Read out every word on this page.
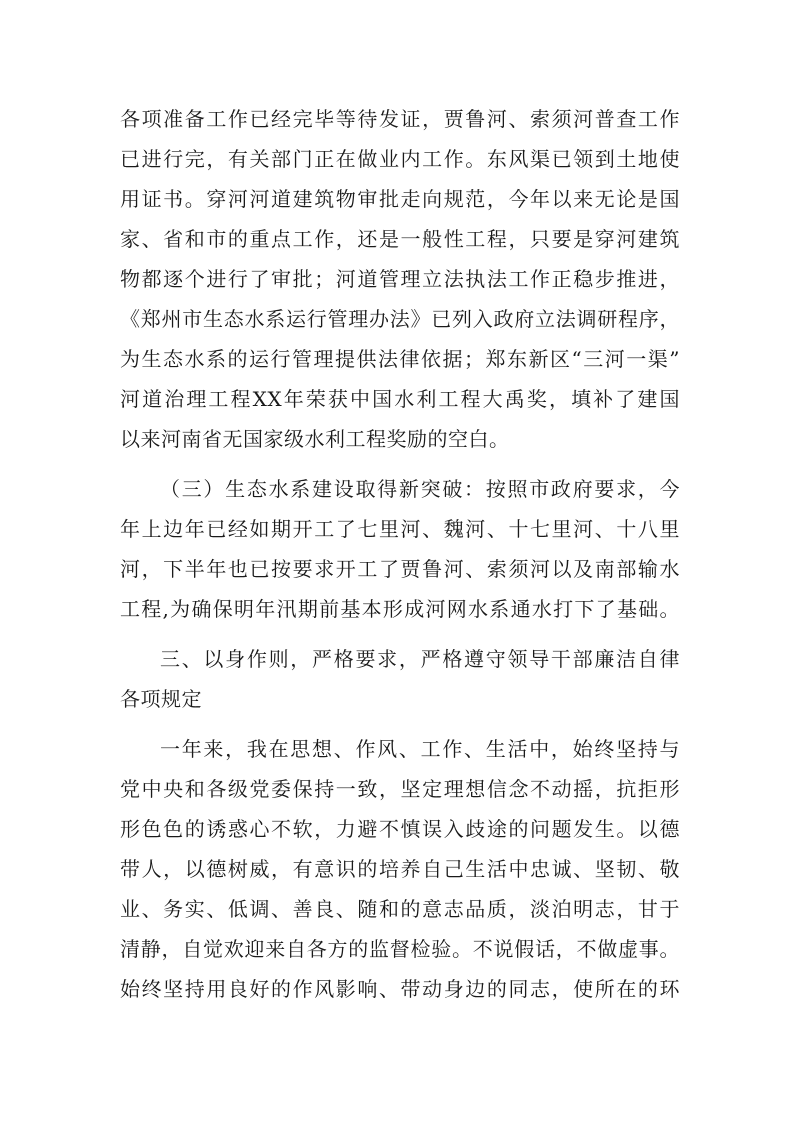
各项准备工作已经完毕等待发证，贾鲁河、索须河普查工作
已进行完，有关部门正在做业内工作。东风渠已领到土地使
用证书。穿河河道建筑物审批走向规范，今年以来无论是国
家、省和市的重点工作，还是一般性工程，只要是穿河建筑
物都逐个进行了审批；河道管理立法执法工作正稳步推进，
《郑州市生态水系运行管理办法》已列入政府立法调研程序，
为生态水系的运行管理提供法律依据；郑东新区“三河一渠”
河道治理工程XX年荣获中国水利工程大禹奖，填补了建国
以来河南省无国家级水利工程奖励的空白。
（三）生态水系建设取得新突破：按照市政府要求，今
年上边年已经如期开工了七里河、魏河、十七里河、十八里
河，下半年也已按要求开工了贾鲁河、索须河以及南部输水
工程,为确保明年汛期前基本形成河网水系通水打下了基础。
三、以身作则，严格要求，严格遵守领导干部廉洁自律
各项规定
一年来，我在思想、作风、工作、生活中，始终坚持与
党中央和各级党委保持一致，坚定理想信念不动摇，抗拒形
形色色的诱惑心不软，力避不慎误入歧途的问题发生。以德
带人，以德树威，有意识的培养自己生活中忠诚、坚韧、敬
业、务实、低调、善良、随和的意志品质，淡泊明志，甘于
清静，自觉欢迎来自各方的监督检验。不说假话，不做虚事。
始终坚持用良好的作风影响、带动身边的同志，使所在的环
